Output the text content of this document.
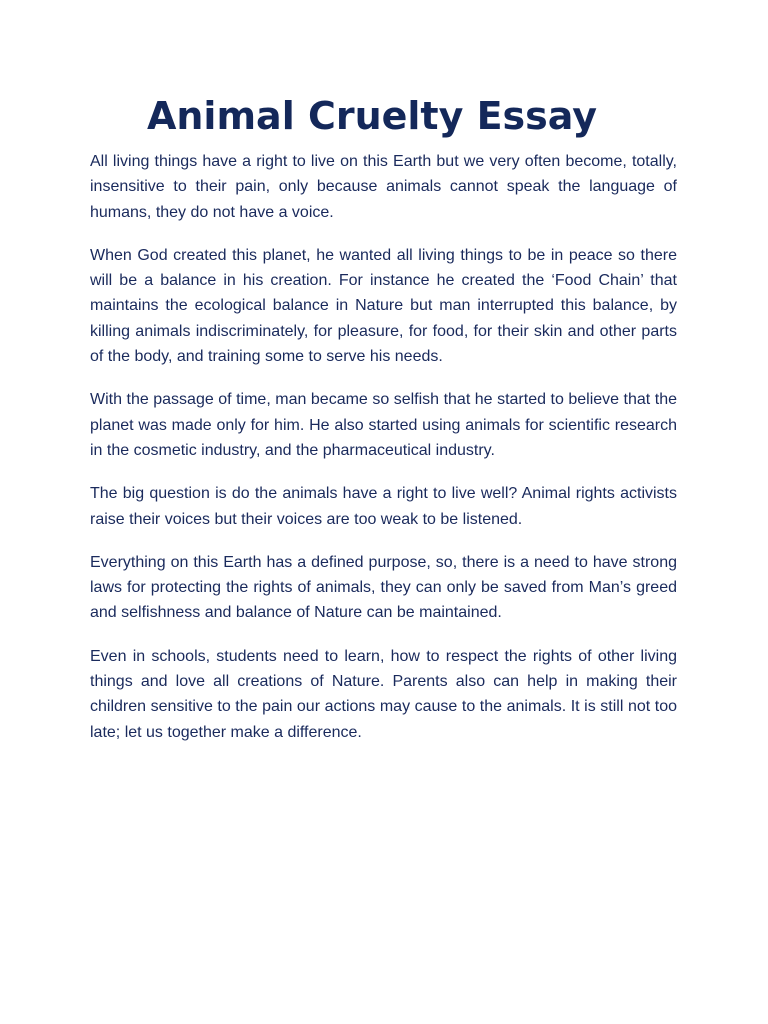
Animal Cruelty Essay

All living things have a right to live on this Earth but we very often become, totally, insensitive to their pain, only because animals cannot speak the language of humans, they do not have a voice.

When God created this planet, he wanted all living things to be in peace so there will be a balance in his creation. For instance he created the ‘Food Chain’ that maintains the ecological balance in Nature but man interrupted this balance, by killing animals indiscriminately, for pleasure, for food, for their skin and other parts of the body, and training some to serve his needs.

With the passage of time, man became so selfish that he started to believe that the planet was made only for him. He also started using animals for scientific research in the cosmetic industry, and the pharmaceutical industry.

The big question is do the animals have a right to live well? Animal rights activists raise their voices but their voices are too weak to be listened.

Everything on this Earth has a defined purpose, so, there is a need to have strong laws for protecting the rights of animals, they can only be saved from Man’s greed and selfishness and balance of Nature can be maintained.

Even in schools, students need to learn, how to respect the rights of other living things and love all creations of Nature. Parents also can help in making their children sensitive to the pain our actions may cause to the animals. It is still not too late; let us together make a difference.
